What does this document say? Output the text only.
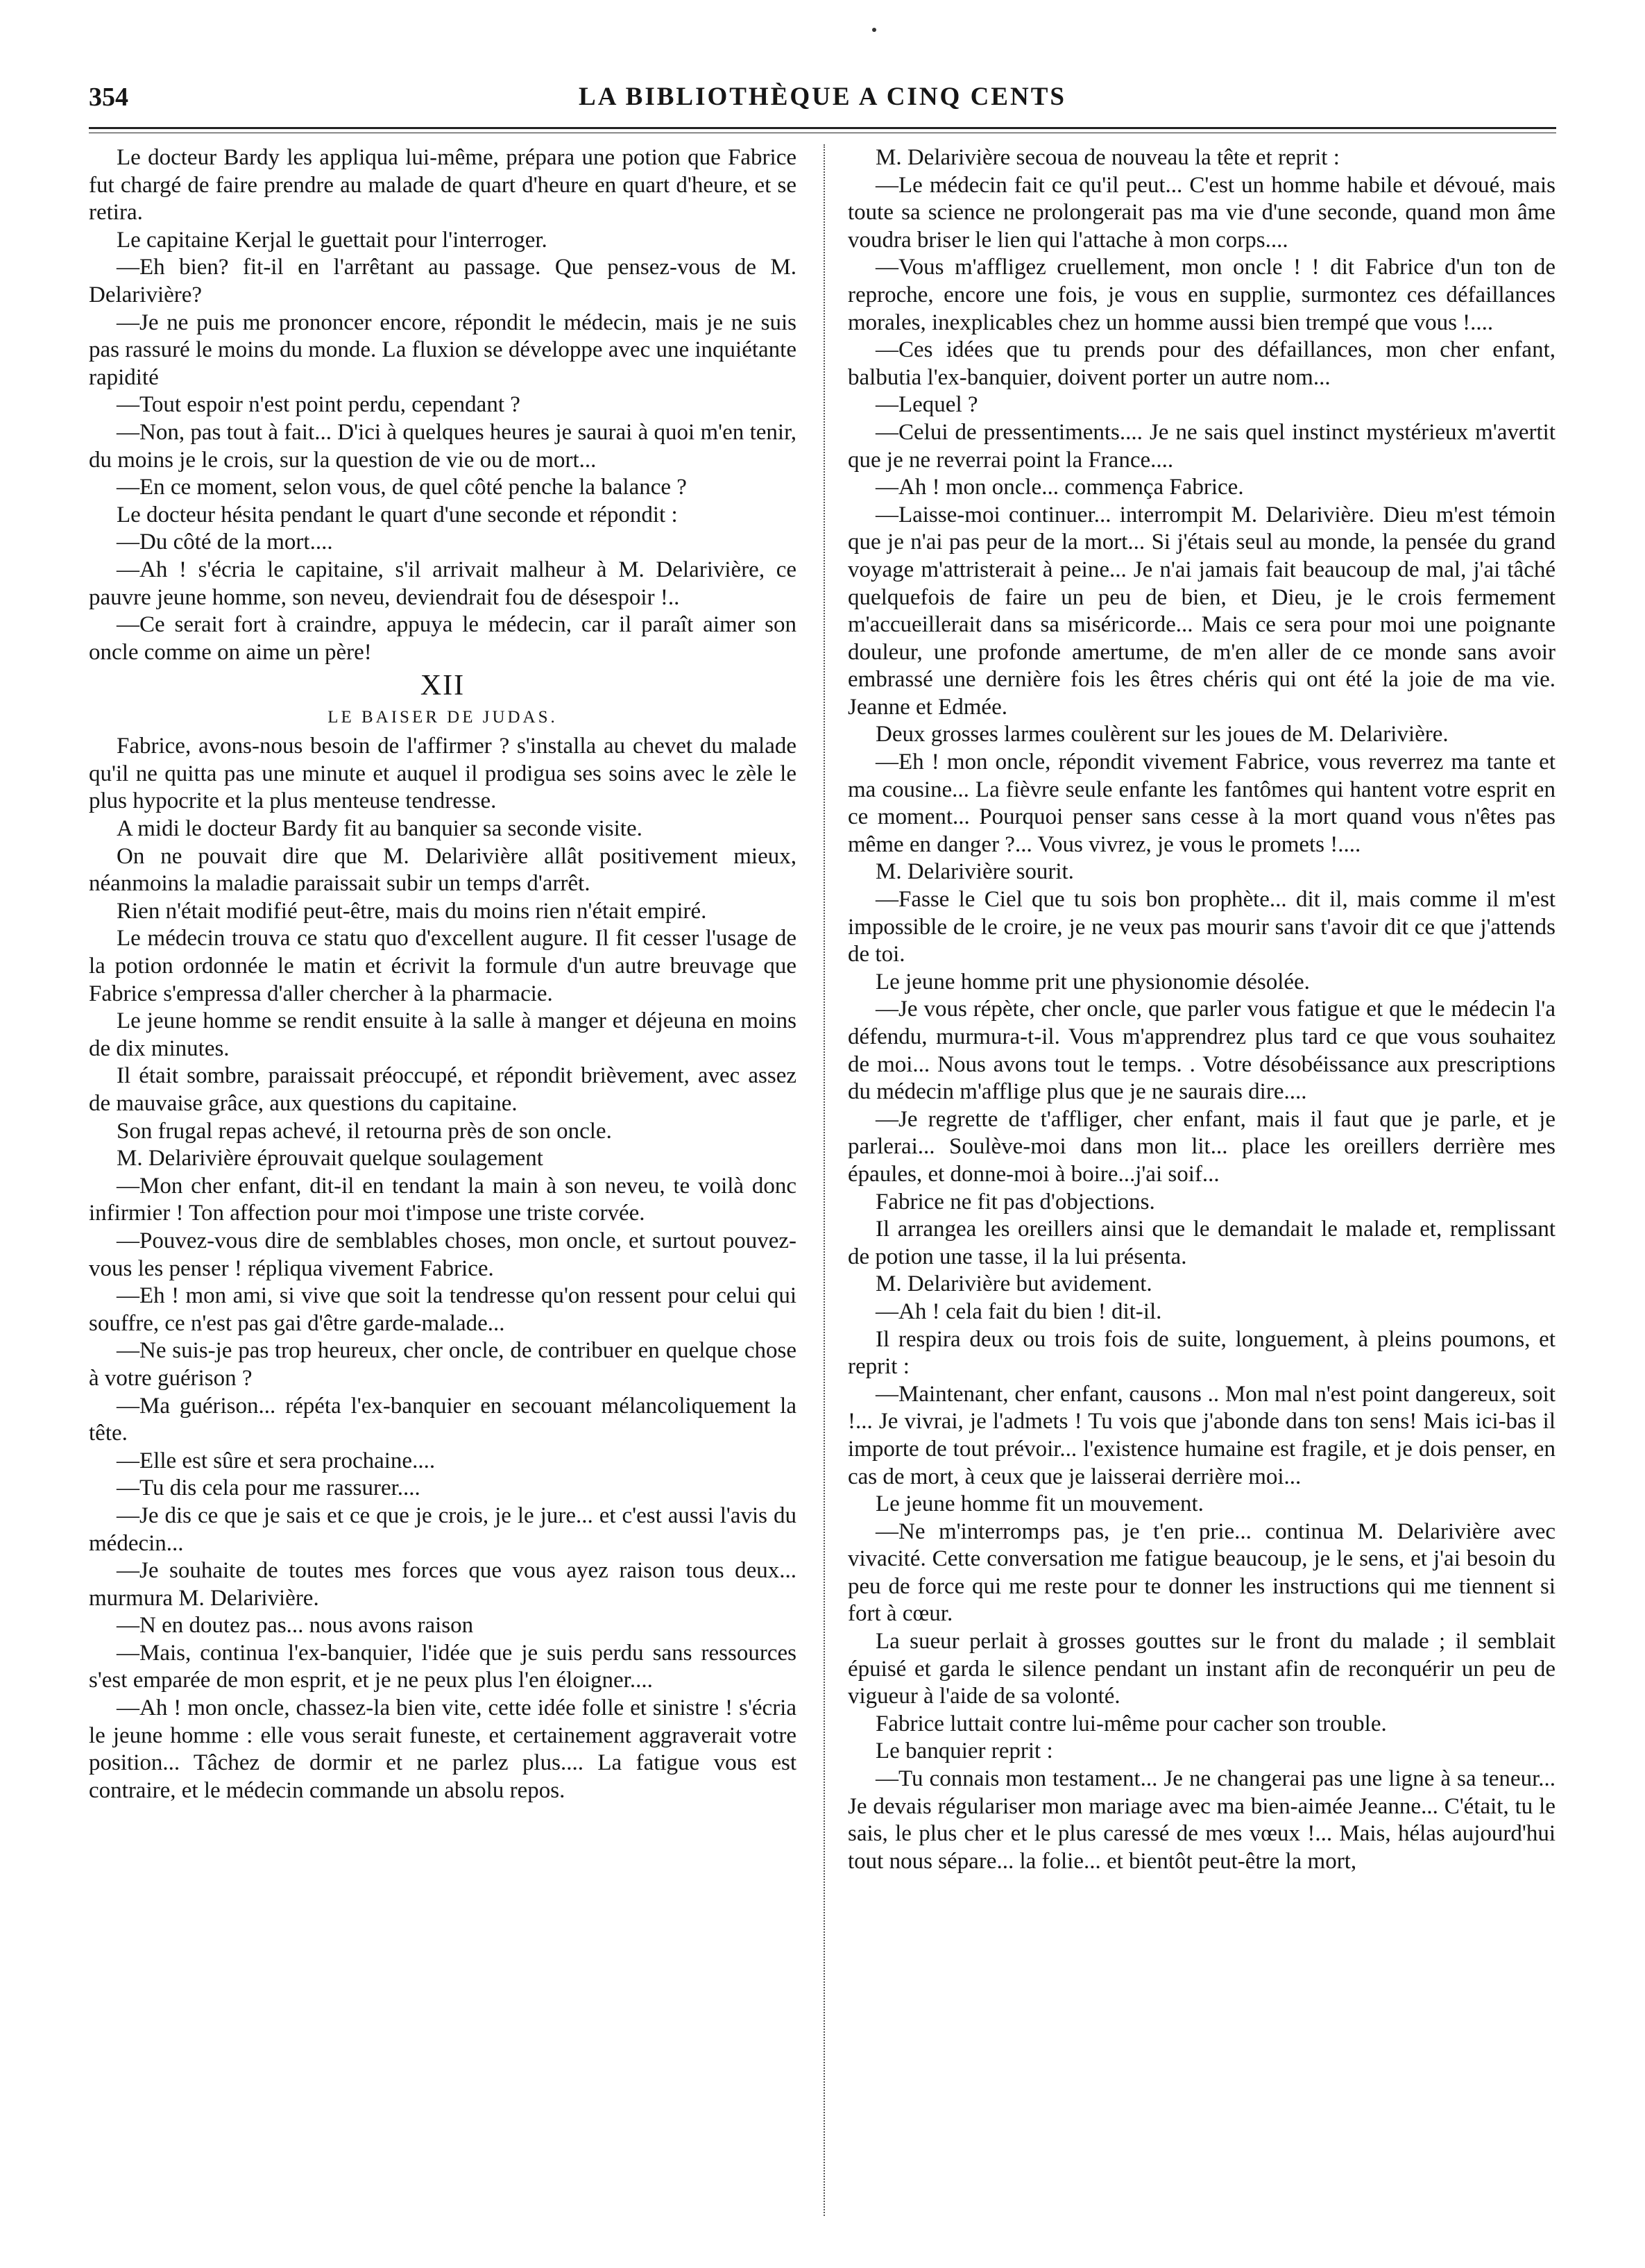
354	LA BIBLIOTHÈQUE A CINQ CENTS

Le docteur Bardy les appliqua lui-même, prépara une potion que Fabrice fut chargé de faire prendre au malade de quart d'heure en quart d'heure, et se retira.

Le capitaine Kerjal le guettait pour l'interroger.

—Eh bien? fit-il en l'arrêtant au passage. Que pensez-vous de M. Delarivière?

—Je ne puis me prononcer encore, répondit le médecin, mais je ne suis pas rassuré le moins du monde. La fluxion se développe avec une inquiétante rapidité

—Tout espoir n'est point perdu, cependant ?

—Non, pas tout à fait... D'ici à quelques heures je saurai à quoi m'en tenir, du moins je le crois, sur la question de vie ou de mort...

—En ce moment, selon vous, de quel côté penche la balance ?

Le docteur hésita pendant le quart d'une seconde et répondit :

—Du côté de la mort....

—Ah ! s'écria le capitaine, s'il arrivait malheur à M. Delarivière, ce pauvre jeune homme, son neveu, deviendrait fou de désespoir !..

—Ce serait fort à craindre, appuya le médecin, car il paraît aimer son oncle comme on aime un père!

XII
LE BAISER DE JUDAS.

Fabrice, avons-nous besoin de l'affirmer ? s'installa au chevet du malade qu'il ne quitta pas une minute et auquel il prodigua ses soins avec le zèle le plus hypocrite et la plus menteuse tendresse.

A midi le docteur Bardy fit au banquier sa seconde visite.

On ne pouvait dire que M. Delarivière allât positivement mieux, néanmoins la maladie paraissait subir un temps d'arrêt.

Rien n'était modifié peut-être, mais du moins rien n'était empiré.

Le médecin trouva ce statu quo d'excellent augure. Il fit cesser l'usage de la potion ordonnée le matin et écrivit la formule d'un autre breuvage que Fabrice s'empressa d'aller chercher à la pharmacie.

Le jeune homme se rendit ensuite à la salle à manger et déjeuna en moins de dix minutes.

Il était sombre, paraissait préoccupé, et répondit brièvement, avec assez de mauvaise grâce, aux questions du capitaine.

Son frugal repas achevé, il retourna près de son oncle.

M. Delarivière éprouvait quelque soulagement

—Mon cher enfant, dit-il en tendant la main à son neveu, te voilà donc infirmier ! Ton affection pour moi t'impose une triste corvée.

—Pouvez-vous dire de semblables choses, mon oncle, et surtout pouvez-vous les penser ! répliqua vivement Fabrice.

—Eh ! mon ami, si vive que soit la tendresse qu'on ressent pour celui qui souffre, ce n'est pas gai d'être garde-malade...

—Ne suis-je pas trop heureux, cher oncle, de contribuer en quelque chose à votre guérison ?

—Ma guérison... répéta l'ex-banquier en secouant mélancoliquement la tête.

—Elle est sûre et sera prochaine....

—Tu dis cela pour me rassurer....

—Je dis ce que je sais et ce que je crois, je le jure... et c'est aussi l'avis du médecin...

—Je souhaite de toutes mes forces que vous ayez raison tous deux... murmura M. Delarivière.

—N en doutez pas... nous avons raison

—Mais, continua l'ex-banquier, l'idée que je suis perdu sans ressources s'est emparée de mon esprit, et je ne peux plus l'en éloigner....

—Ah ! mon oncle, chassez-la bien vite, cette idée folle et sinistre ! s'écria le jeune homme : elle vous serait funeste, et certainement aggraverait votre position... Tâchez de dormir et ne parlez plus.... La fatigue vous est contraire, et le médecin commande un absolu repos.

M. Delarivière secoua de nouveau la tête et reprit :

—Le médecin fait ce qu'il peut... C'est un homme habile et dévoué, mais toute sa science ne prolongerait pas ma vie d'une seconde, quand mon âme voudra briser le lien qui l'attache à mon corps....

—Vous m'affligez cruellement, mon oncle ! ! dit Fabrice d'un ton de reproche, encore une fois, je vous en supplie, surmontez ces défaillances morales, inexplicables chez un homme aussi bien trempé que vous !....

—Ces idées que tu prends pour des défaillances, mon cher enfant, balbutia l'ex-banquier, doivent porter un autre nom...

—Lequel ?

—Celui de pressentiments.... Je ne sais quel instinct mystérieux m'avertit que je ne reverrai point la France....

—Ah ! mon oncle... commença Fabrice.

—Laisse-moi continuer... interrompit M. Delarivière. Dieu m'est témoin que je n'ai pas peur de la mort... Si j'étais seul au monde, la pensée du grand voyage m'attristerait à peine... Je n'ai jamais fait beaucoup de mal, j'ai tâché quelquefois de faire un peu de bien, et Dieu, je le crois fermement m'accueillerait dans sa miséricorde... Mais ce sera pour moi une poignante douleur, une profonde amertume, de m'en aller de ce monde sans avoir embrassé une dernière fois les êtres chéris qui ont été la joie de ma vie. Jeanne et Edmée.

Deux grosses larmes coulèrent sur les joues de M. Delarivière.

—Eh ! mon oncle, répondit vivement Fabrice, vous reverrez ma tante et ma cousine... La fièvre seule enfante les fantômes qui hantent votre esprit en ce moment... Pourquoi penser sans cesse à la mort quand vous n'êtes pas même en danger ?... Vous vivrez, je vous le promets !....

M. Delarivière sourit.

—Fasse le Ciel que tu sois bon prophète... dit il, mais comme il m'est impossible de le croire, je ne veux pas mourir sans t'avoir dit ce que j'attends de toi.

Le jeune homme prit une physionomie désolée.

—Je vous répète, cher oncle, que parler vous fatigue et que le médecin l'a défendu, murmura-t-il. Vous m'apprendrez plus tard ce que vous souhaitez de moi... Nous avons tout le temps. . Votre désobéissance aux prescriptions du médecin m'afflige plus que je ne saurais dire....

—Je regrette de t'affliger, cher enfant, mais il faut que je parle, et je parlerai... Soulève-moi dans mon lit... place les oreillers derrière mes épaules, et donne-moi à boire...j'ai soif...

Fabrice ne fit pas d'objections.

Il arrangea les oreillers ainsi que le demandait le malade et, remplissant de potion une tasse, il la lui présenta.

M. Delarivière but avidement.

—Ah ! cela fait du bien ! dit-il.

Il respira deux ou trois fois de suite, longuement, à pleins poumons, et reprit :

—Maintenant, cher enfant, causons .. Mon mal n'est point dangereux, soit !... Je vivrai, je l'admets ! Tu vois que j'abonde dans ton sens! Mais ici-bas il importe de tout prévoir... l'existence humaine est fragile, et je dois penser, en cas de mort, à ceux que je laisserai derrière moi...

Le jeune homme fit un mouvement.

—Ne m'interromps pas, je t'en prie... continua M. Delarivière avec vivacité. Cette conversation me fatigue beaucoup, je le sens, et j'ai besoin du peu de force qui me reste pour te donner les instructions qui me tiennent si fort à cœur.

La sueur perlait à grosses gouttes sur le front du malade ; il semblait épuisé et garda le silence pendant un instant afin de reconquérir un peu de vigueur à l'aide de sa volonté.

Fabrice luttait contre lui-même pour cacher son trouble.

Le banquier reprit :

—Tu connais mon testament... Je ne changerai pas une ligne à sa teneur... Je devais régulariser mon mariage avec ma bien-aimée Jeanne... C'était, tu le sais, le plus cher et le plus caressé de mes vœux !... Mais, hélas aujourd'hui tout nous sépare... la folie... et bientôt peut-être la mort,
